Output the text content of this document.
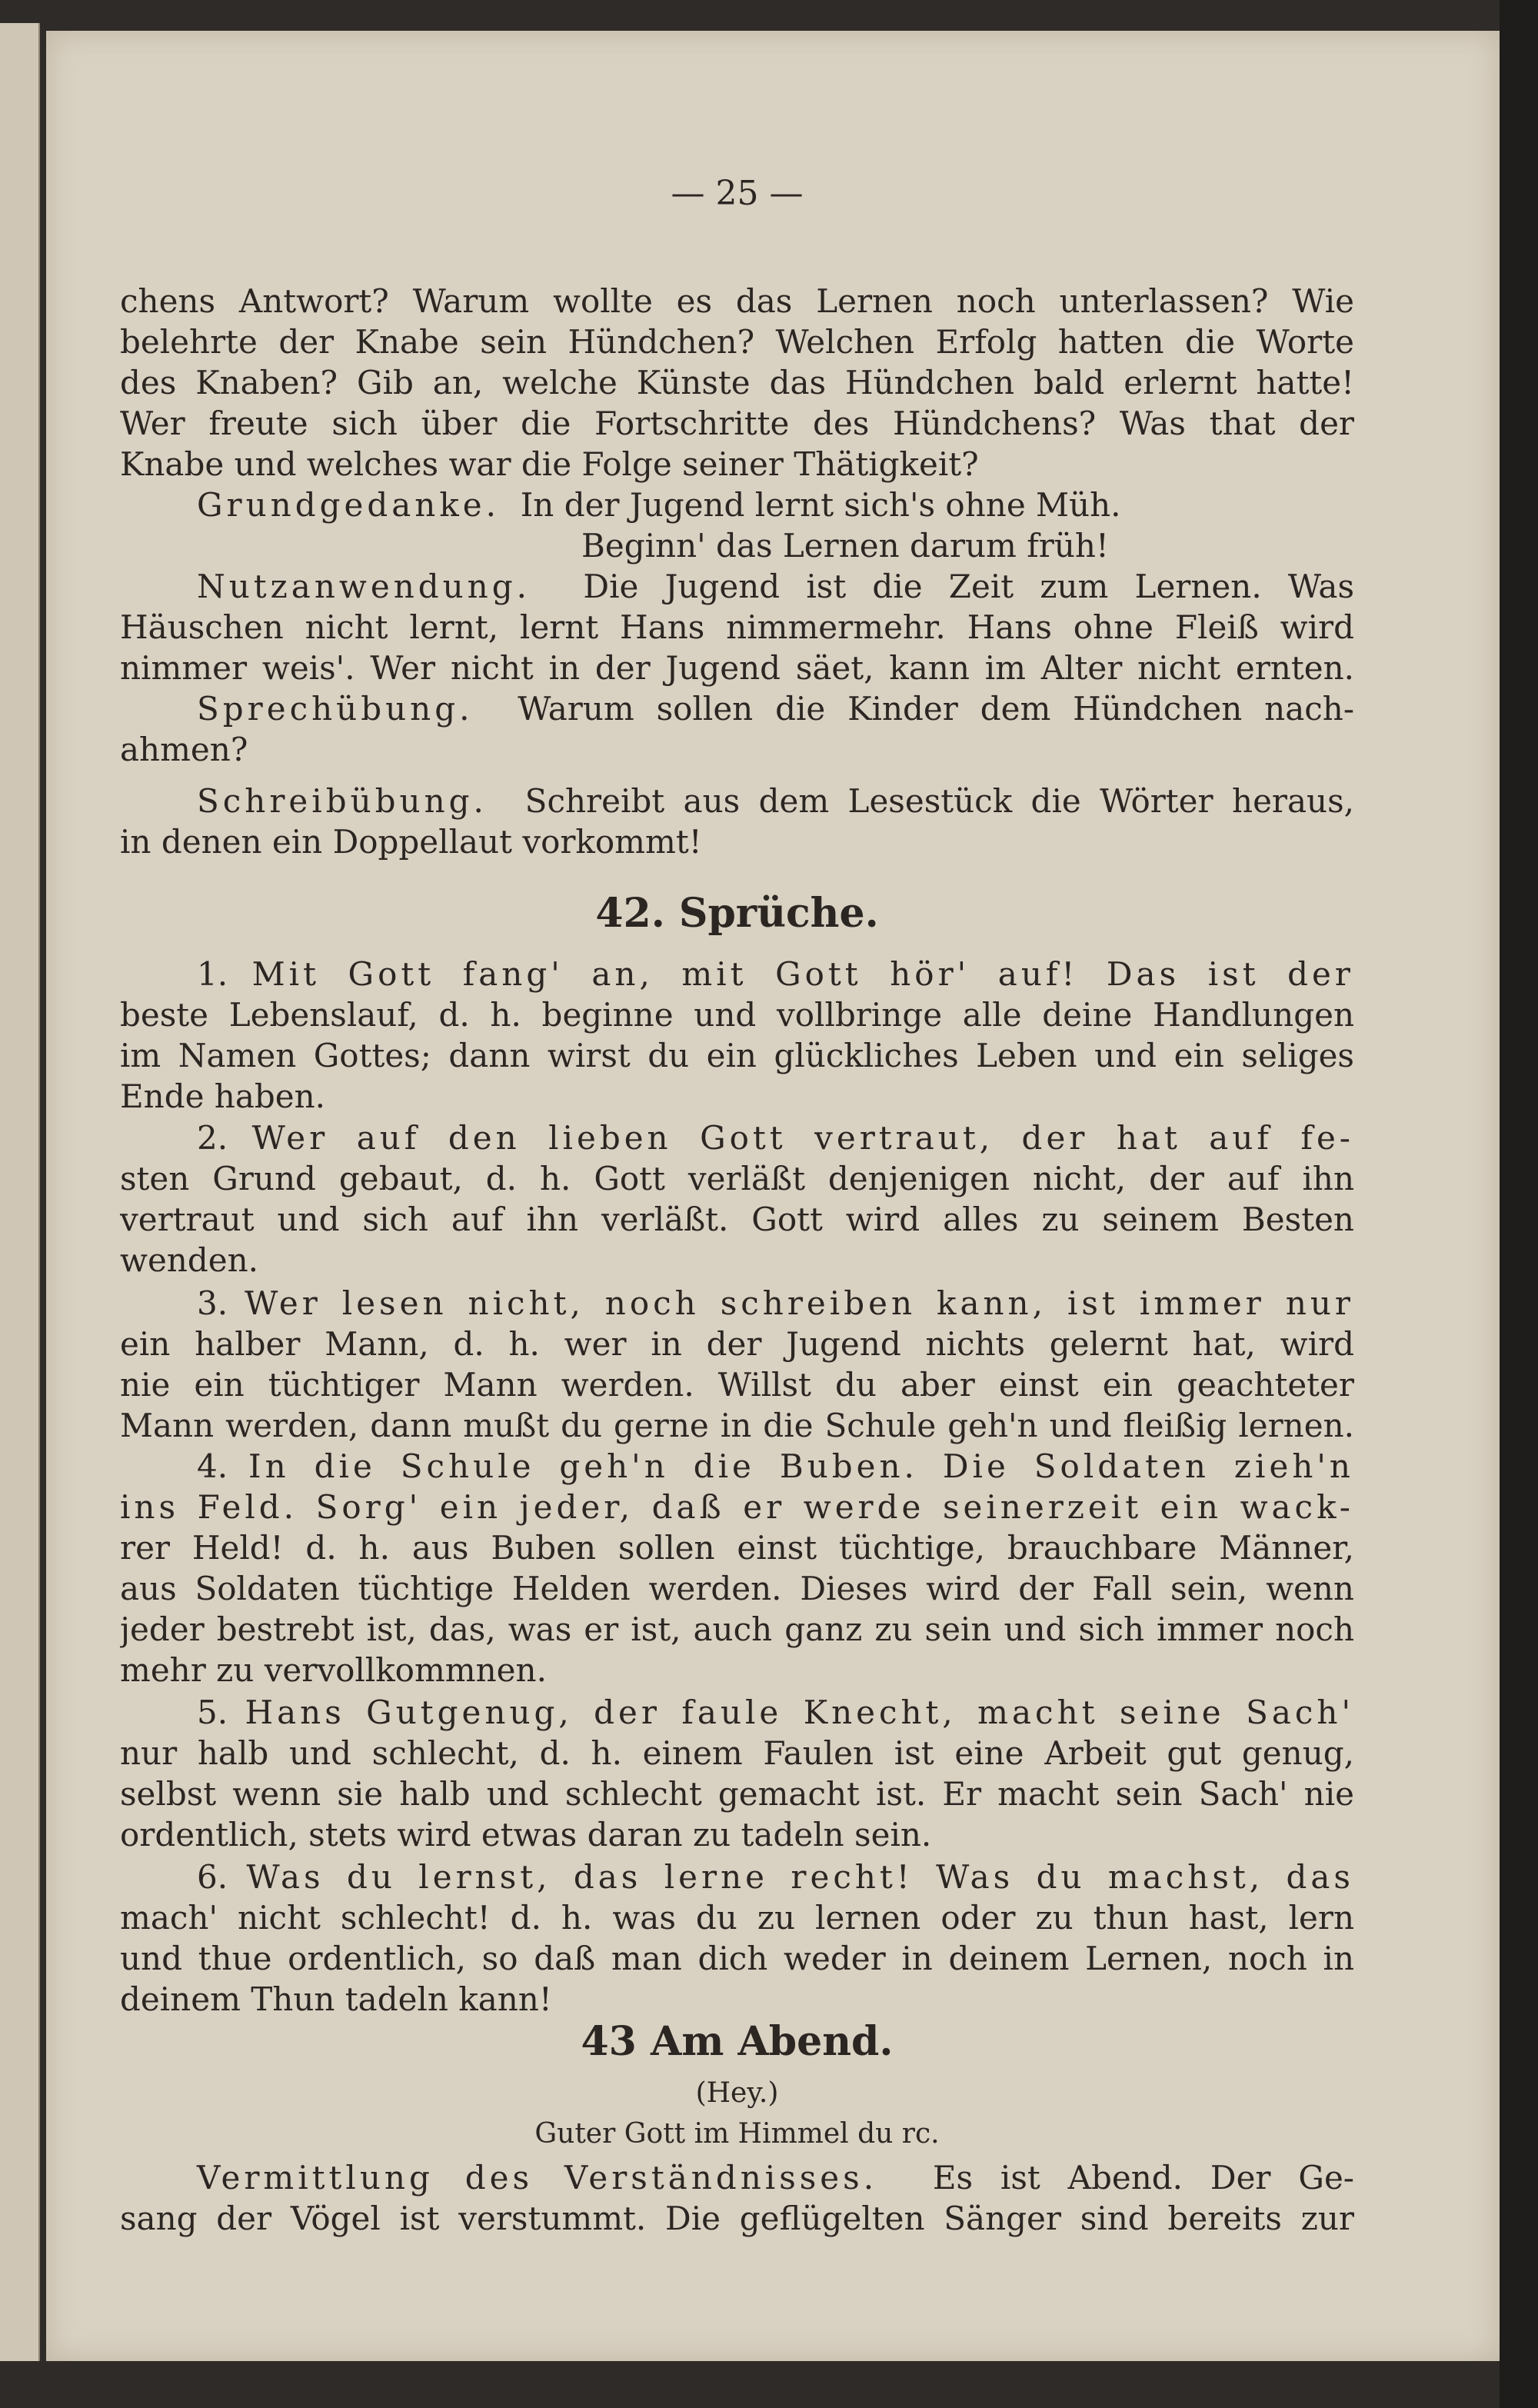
— 25 —
chens Antwort? Warum wollte es das Lernen noch unterlassen? Wie
belehrte der Knabe sein Hündchen? Welchen Erfolg hatten die Worte
des Knaben? Gib an, welche Künste das Hündchen bald erlernt hatte!
Wer freute sich über die Fortschritte des Hündchens? Was that der
Knabe und welches war die Folge seiner Thätigkeit?
Grundgedanke. In der Jugend lernt sich's ohne Müh.
Beginn' das Lernen darum früh!
Nutzanwendung. Die Jugend ist die Zeit zum Lernen. Was
Häuschen nicht lernt, lernt Hans nimmermehr. Hans ohne Fleiß wird
nimmer weis'. Wer nicht in der Jugend säet, kann im Alter nicht ernten.
Sprechübung. Warum sollen die Kinder dem Hündchen nach-
ahmen?
Schreibübung. Schreibt aus dem Lesestück die Wörter heraus,
in denen ein Doppellaut vorkommt!
42. Sprüche.
1. Mit Gott fang' an, mit Gott hör' auf! Das ist der
beste Lebenslauf, d. h. beginne und vollbringe alle deine Handlungen
im Namen Gottes; dann wirst du ein glückliches Leben und ein seliges
Ende haben.
2. Wer auf den lieben Gott vertraut, der hat auf fe-
sten Grund gebaut, d. h. Gott verläßt denjenigen nicht, der auf ihn
vertraut und sich auf ihn verläßt. Gott wird alles zu seinem Besten
wenden.
3. Wer lesen nicht, noch schreiben kann, ist immer nur
ein halber Mann, d. h. wer in der Jugend nichts gelernt hat, wird
nie ein tüchtiger Mann werden. Willst du aber einst ein geachteter
Mann werden, dann mußt du gerne in die Schule geh'n und fleißig lernen.
4. In die Schule geh'n die Buben. Die Soldaten zieh'n
ins Feld. Sorg' ein jeder, daß er werde seinerzeit ein wack-
rer Held! d. h. aus Buben sollen einst tüchtige, brauchbare Männer,
aus Soldaten tüchtige Helden werden. Dieses wird der Fall sein, wenn
jeder bestrebt ist, das, was er ist, auch ganz zu sein und sich immer noch
mehr zu vervollkommnen.
5. Hans Gutgenug, der faule Knecht, macht seine Sach'
nur halb und schlecht, d. h. einem Faulen ist eine Arbeit gut genug,
selbst wenn sie halb und schlecht gemacht ist. Er macht sein Sach' nie
ordentlich, stets wird etwas daran zu tadeln sein.
6. Was du lernst, das lerne recht! Was du machst, das
mach' nicht schlecht! d. h. was du zu lernen oder zu thun hast, lern
und thue ordentlich, so daß man dich weder in deinem Lernen, noch in
deinem Thun tadeln kann!
43 Am Abend.
(Hey.)
Guter Gott im Himmel du rc.
Vermittlung des Verständnisses. Es ist Abend. Der Ge-
sang der Vögel ist verstummt. Die geflügelten Sänger sind bereits zur
